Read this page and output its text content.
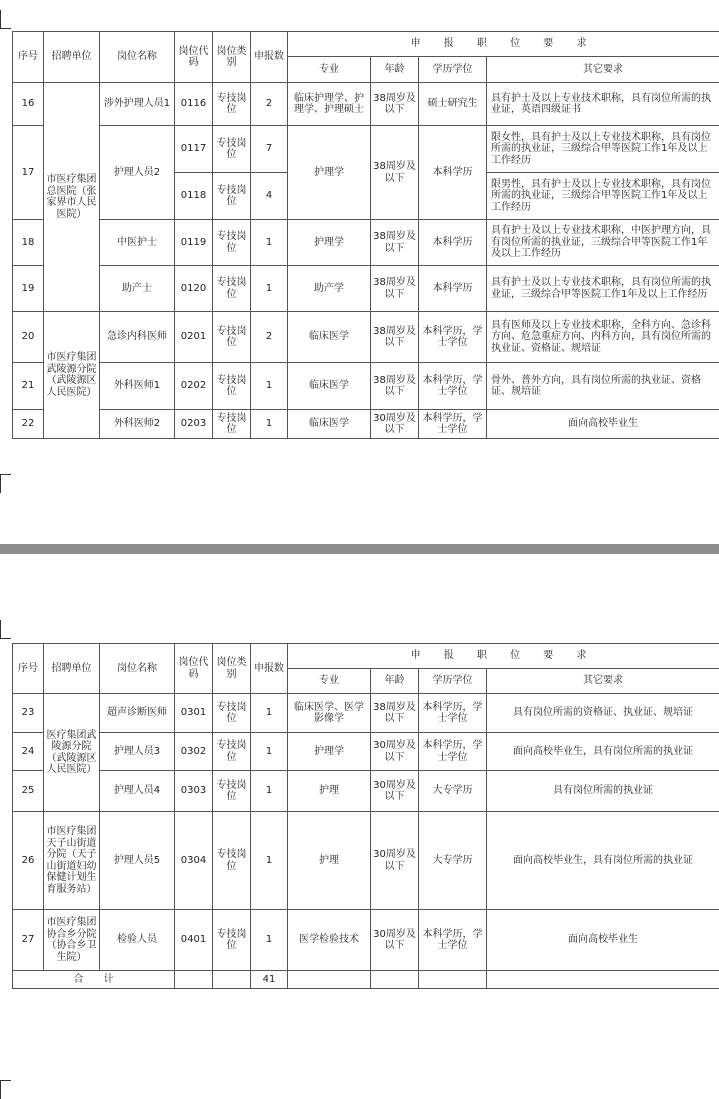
序号	招聘单位	岗位名称	岗位代码	岗位类别	申报数	申 报 职 位 要 求			
						专业	年龄	学历学位	其它要求
16	市医疗集团总医院（张家界市人民医院）	涉外护理人员1	0116	专技岗位	2	临床护理学、护理学、护理硕士	38周岁及以下	硕士研究生	具有护士及以上专业技术职称，具有岗位所需的执业证，英语四级证书
17		护理人员2	0117	专技岗位	7	护理学	38周岁及以下	本科学历	限女性，具有护士及以上专业技术职称，具有岗位所需的执业证，三级综合甲等医院工作1年及以上工作经历
			0118	专技岗位	4				限男性，具有护士及以上专业技术职称，具有岗位所需的执业证，三级综合甲等医院工作1年及以上工作经历
18		中医护士	0119	专技岗位	1	护理学	38周岁及以下	本科学历	具有护士及以上专业技术职称，中医护理方向，具有岗位所需的执业证，三级综合甲等医院工作1年及以上工作经历
19		助产士	0120	专技岗位	1	助产学	38周岁及以下	本科学历	具有护士及以上专业技术职称，具有岗位所需的执业证，三级综合甲等医院工作1年及以上工作经历
20	市医疗集团武陵源分院（武陵源区人民医院）	急诊内科医师	0201	专技岗位	2	临床医学	38周岁及以下	本科学历，学士学位	具有医师及以上专业技术职称，全科方向、急诊科方向、危急重症方向、内科方向，具有岗位所需的执业证、资格证、规培证
21		外科医师1	0202	专技岗位	1	临床医学	38周岁及以下	本科学历，学士学位	骨外、普外方向，具有岗位所需的执业证、资格证、规培证
22		外科医师2	0203	专技岗位	1	临床医学	30周岁及以下	本科学历，学士学位	面向高校毕业生
序号	招聘单位	岗位名称	岗位代码	岗位类别	申报数	申 报 职 位 要 求			
						专业	年龄	学历学位	其它要求
23	医疗集团武陵源分院（武陵源区人民医院）	超声诊断医师	0301	专技岗位	1	临床医学、医学影像学	38周岁及以下	本科学历，学士学位	具有岗位所需的资格证、执业证、规培证
24		护理人员3	0302	专技岗位	1	护理学	30周岁及以下	本科学历，学士学位	面向高校毕业生，具有岗位所需的执业证
25		护理人员4	0303	专技岗位	1	护理	30周岁及以下	大专学历	具有岗位所需的执业证
26	市医疗集团天子山街道分院（天子山街道妇幼保健计划生育服务站）	护理人员5	0304	专技岗位	1	护理	30周岁及以下	大专学历	面向高校毕业生，具有岗位所需的执业证
27	市医疗集团协合乡分院（协合乡卫生院）	检验人员	0401	专技岗位	1	医学检验技术	30周岁及以下	本科学历，学士学位	面向高校毕业生
合　　计					41				
